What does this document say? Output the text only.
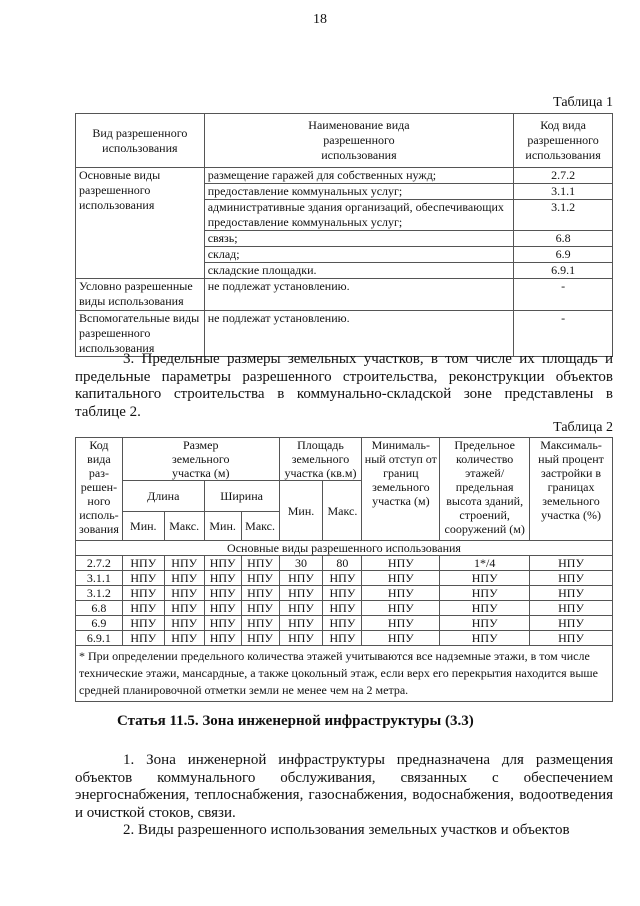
18
Таблица 1
Вид разрешенного использования	Наименование вида разрешенного использования	Код вида разрешенного использования
Основные виды разрешенного использования	размещение гаражей для собственных нужд;	2.7.2
	предоставление коммунальных услуг;	3.1.1
	административные здания организаций, обеспечивающих предоставление коммунальных услуг;	3.1.2
	связь;	6.8
	склад;	6.9
	складские площадки.	6.9.1
Условно разрешенные виды использования	не подлежат установлению.	-
Вспомогательные виды разрешенного использования	не подлежат установлению.	-
3. Предельные размеры земельных участков, в том числе их площадь и предельные параметры разрешенного строительства, реконструкции объектов капитального строительства в коммунально-складской зоне представлены в таблице 2.
Таблица 2
Код вида раз-решен-ного исполь-зования	Размер земельного участка (м)				Площадь земельного участка (кв.м)		Минималь-ный отступ от границ земельного участка (м)	Предельное количество этажей/ предельная высота зданий, строений, сооружений (м)	Максималь-ный процент застройки в границах земельного участка (%)
	Длина		Ширина		Мин.	Макс.			
	Мин.	Макс.	Мин.	Макс.					
Основные виды разрешенного использования									
2.7.2	НПУ	НПУ	НПУ	НПУ	30	80	НПУ	1*/4	НПУ
3.1.1	НПУ	НПУ	НПУ	НПУ	НПУ	НПУ	НПУ	НПУ	НПУ
3.1.2	НПУ	НПУ	НПУ	НПУ	НПУ	НПУ	НПУ	НПУ	НПУ
6.8	НПУ	НПУ	НПУ	НПУ	НПУ	НПУ	НПУ	НПУ	НПУ
6.9	НПУ	НПУ	НПУ	НПУ	НПУ	НПУ	НПУ	НПУ	НПУ
6.9.1	НПУ	НПУ	НПУ	НПУ	НПУ	НПУ	НПУ	НПУ	НПУ
* При определении предельного количества этажей учитываются все надземные этажи, в том числе технические этажи, мансардные, а также цокольный этаж, если верх его перекрытия находится выше средней планировочной отметки земли не менее чем на 2 метра.									
Статья 11.5. Зона инженерной инфраструктуры (3.3)
1. Зона инженерной инфраструктуры предназначена для размещения объектов коммунального обслуживания, связанных с обеспечением энергоснабжения, теплоснабжения, газоснабжения, водоснабжения, водоотведения и очисткой стоков, связи.
2. Виды разрешенного использования земельных участков и объектов
